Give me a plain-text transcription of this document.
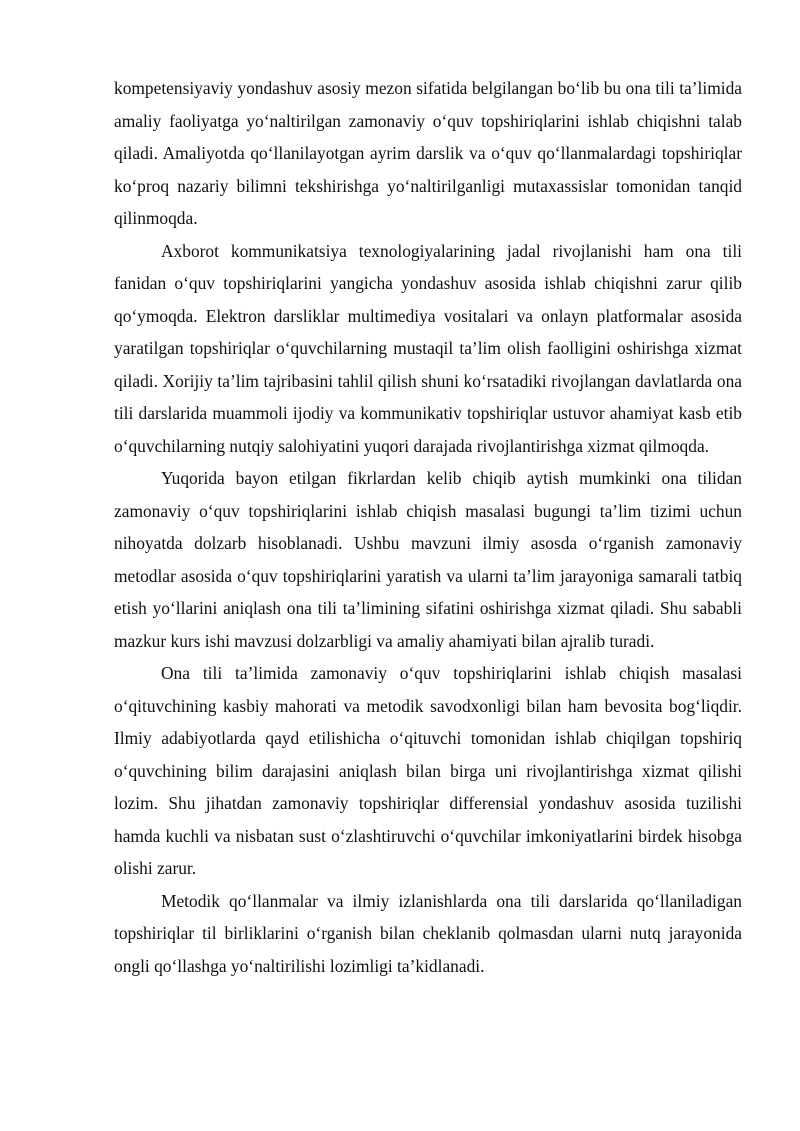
kompetensiyaviy yondashuv asosiy mezon sifatida belgilangan bo‘lib bu ona tili ta’limida amaliy faoliyatga yo‘naltirilgan zamonaviy o‘quv topshiriqlarini ishlab chiqishni talab qiladi. Amaliyotda qo‘llanilayotgan ayrim darslik va o‘quv qo‘llanmalardagi topshiriqlar ko‘proq nazariy bilimni tekshirishga yo‘naltirilganligi mutaxassislar tomonidan tanqid qilinmoqda.

Axborot kommunikatsiya texnologiyalarining jadal rivojlanishi ham ona tili fanidan o‘quv topshiriqlarini yangicha yondashuv asosida ishlab chiqishni zarur qilib qo‘ymoqda. Elektron darsliklar multimediya vositalari va onlayn platformalar asosida yaratilgan topshiriqlar o‘quvchilarning mustaqil ta’lim olish faolligini oshirishga xizmat qiladi. Xorijiy ta’lim tajribasini tahlil qilish shuni ko‘rsatadiki rivojlangan davlatlarda ona tili darslarida muammoli ijodiy va kommunikativ topshiriqlar ustuvor ahamiyat kasb etib o‘quvchilarning nutqiy salohiyatini yuqori darajada rivojlantirishga xizmat qilmoqda.

Yuqorida bayon etilgan fikrlardan kelib chiqib aytish mumkinki ona tilidan zamonaviy o‘quv topshiriqlarini ishlab chiqish masalasi bugungi ta’lim tizimi uchun nihoyatda dolzarb hisoblanadi. Ushbu mavzuni ilmiy asosda o‘rganish zamonaviy metodlar asosida o‘quv topshiriqlarini yaratish va ularni ta’lim jarayoniga samarali tatbiq etish yo‘llarini aniqlash ona tili ta’limining sifatini oshirishga xizmat qiladi. Shu sababli mazkur kurs ishi mavzusi dolzarbligi va amaliy ahamiyati bilan ajralib turadi.

Ona tili ta’limida zamonaviy o‘quv topshiriqlarini ishlab chiqish masalasi o‘qituvchining kasbiy mahorati va metodik savodxonligi bilan ham bevosita bog‘liqdir. Ilmiy adabiyotlarda qayd etilishicha o‘qituvchi tomonidan ishlab chiqilgan topshiriq o‘quvchining bilim darajasini aniqlash bilan birga uni rivojlantirishga xizmat qilishi lozim. Shu jihatdan zamonaviy topshiriqlar differensial yondashuv asosida tuzilishi hamda kuchli va nisbatan sust o‘zlashtiruvchi o‘quvchilar imkoniyatlarini birdek hisobga olishi zarur.

Metodik qo‘llanmalar va ilmiy izlanishlarda ona tili darslarida qo‘llaniladigan topshiriqlar til birliklarini o‘rganish bilan cheklanib qolmasdan ularni nutq jarayonida ongli qo‘llashga yo‘naltirilishi lozimligi ta’kidlanadi.
